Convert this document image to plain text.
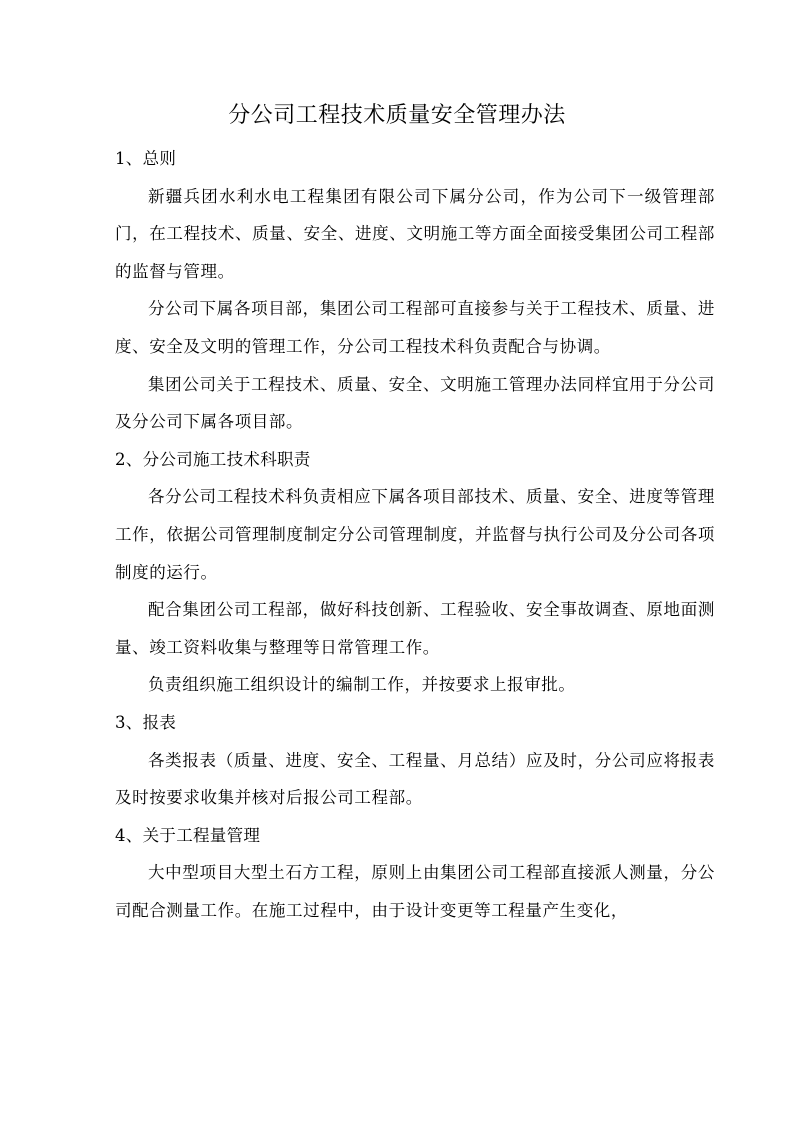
分公司工程技术质量安全管理办法

1、总则

新疆兵团水利水电工程集团有限公司下属分公司，作为公司下一级管理部门，在工程技术、质量、安全、进度、文明施工等方面全面接受集团公司工程部的监督与管理。

分公司下属各项目部，集团公司工程部可直接参与关于工程技术、质量、进度、安全及文明的管理工作，分公司工程技术科负责配合与协调。

集团公司关于工程技术、质量、安全、文明施工管理办法同样宜用于分公司及分公司下属各项目部。

2、分公司施工技术科职责

各分公司工程技术科负责相应下属各项目部技术、质量、安全、进度等管理工作，依据公司管理制度制定分公司管理制度，并监督与执行公司及分公司各项制度的运行。

配合集团公司工程部，做好科技创新、工程验收、安全事故调查、原地面测量、竣工资料收集与整理等日常管理工作。

负责组织施工组织设计的编制工作，并按要求上报审批。

3、报表

各类报表（质量、进度、安全、工程量、月总结）应及时，分公司应将报表及时按要求收集并核对后报公司工程部。

4、关于工程量管理

大中型项目大型土石方工程，原则上由集团公司工程部直接派人测量，分公司配合测量工作。在施工过程中，由于设计变更等工程量产生变化，
